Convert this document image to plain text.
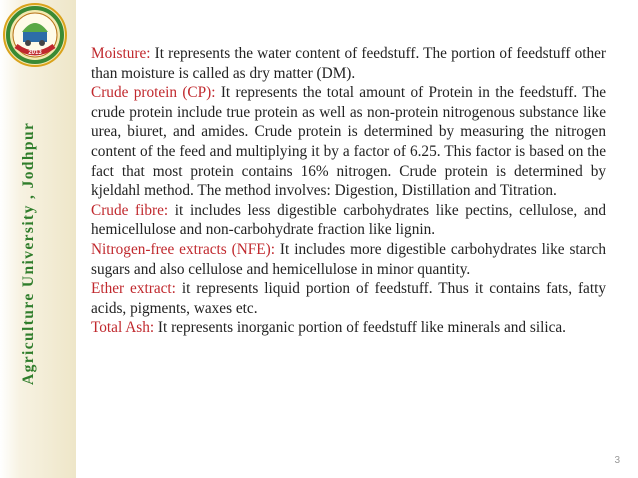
2013
Agriculture University , Jodhpur

Moisture: It represents the water content of feedstuff. The portion of feedstuff other than moisture is called as dry matter (DM).

Crude protein (CP): It represents the total amount of Protein in the feedstuff. The crude protein include true protein as well as non-protein nitrogenous substance like urea, biuret, and amides. Crude protein is determined by measuring the nitrogen content of the feed and multiplying it by a factor of 6.25. This factor is based on the fact that most protein contains 16% nitrogen. Crude protein is determined by kjeldahl method. The method involves: Digestion, Distillation and Titration.

Crude fibre: it includes less digestible carbohydrates like pectins, cellulose, and hemicellulose and non-carbohydrate fraction like lignin.

Nitrogen-free extracts (NFE): It includes more digestible carbohydrates like starch sugars and also cellulose and hemicellulose in minor quantity.

Ether extract: it represents liquid portion of feedstuff. Thus it contains fats, fatty acids, pigments, waxes etc.

Total Ash: It represents inorganic portion of feedstuff like minerals and silica.

3
